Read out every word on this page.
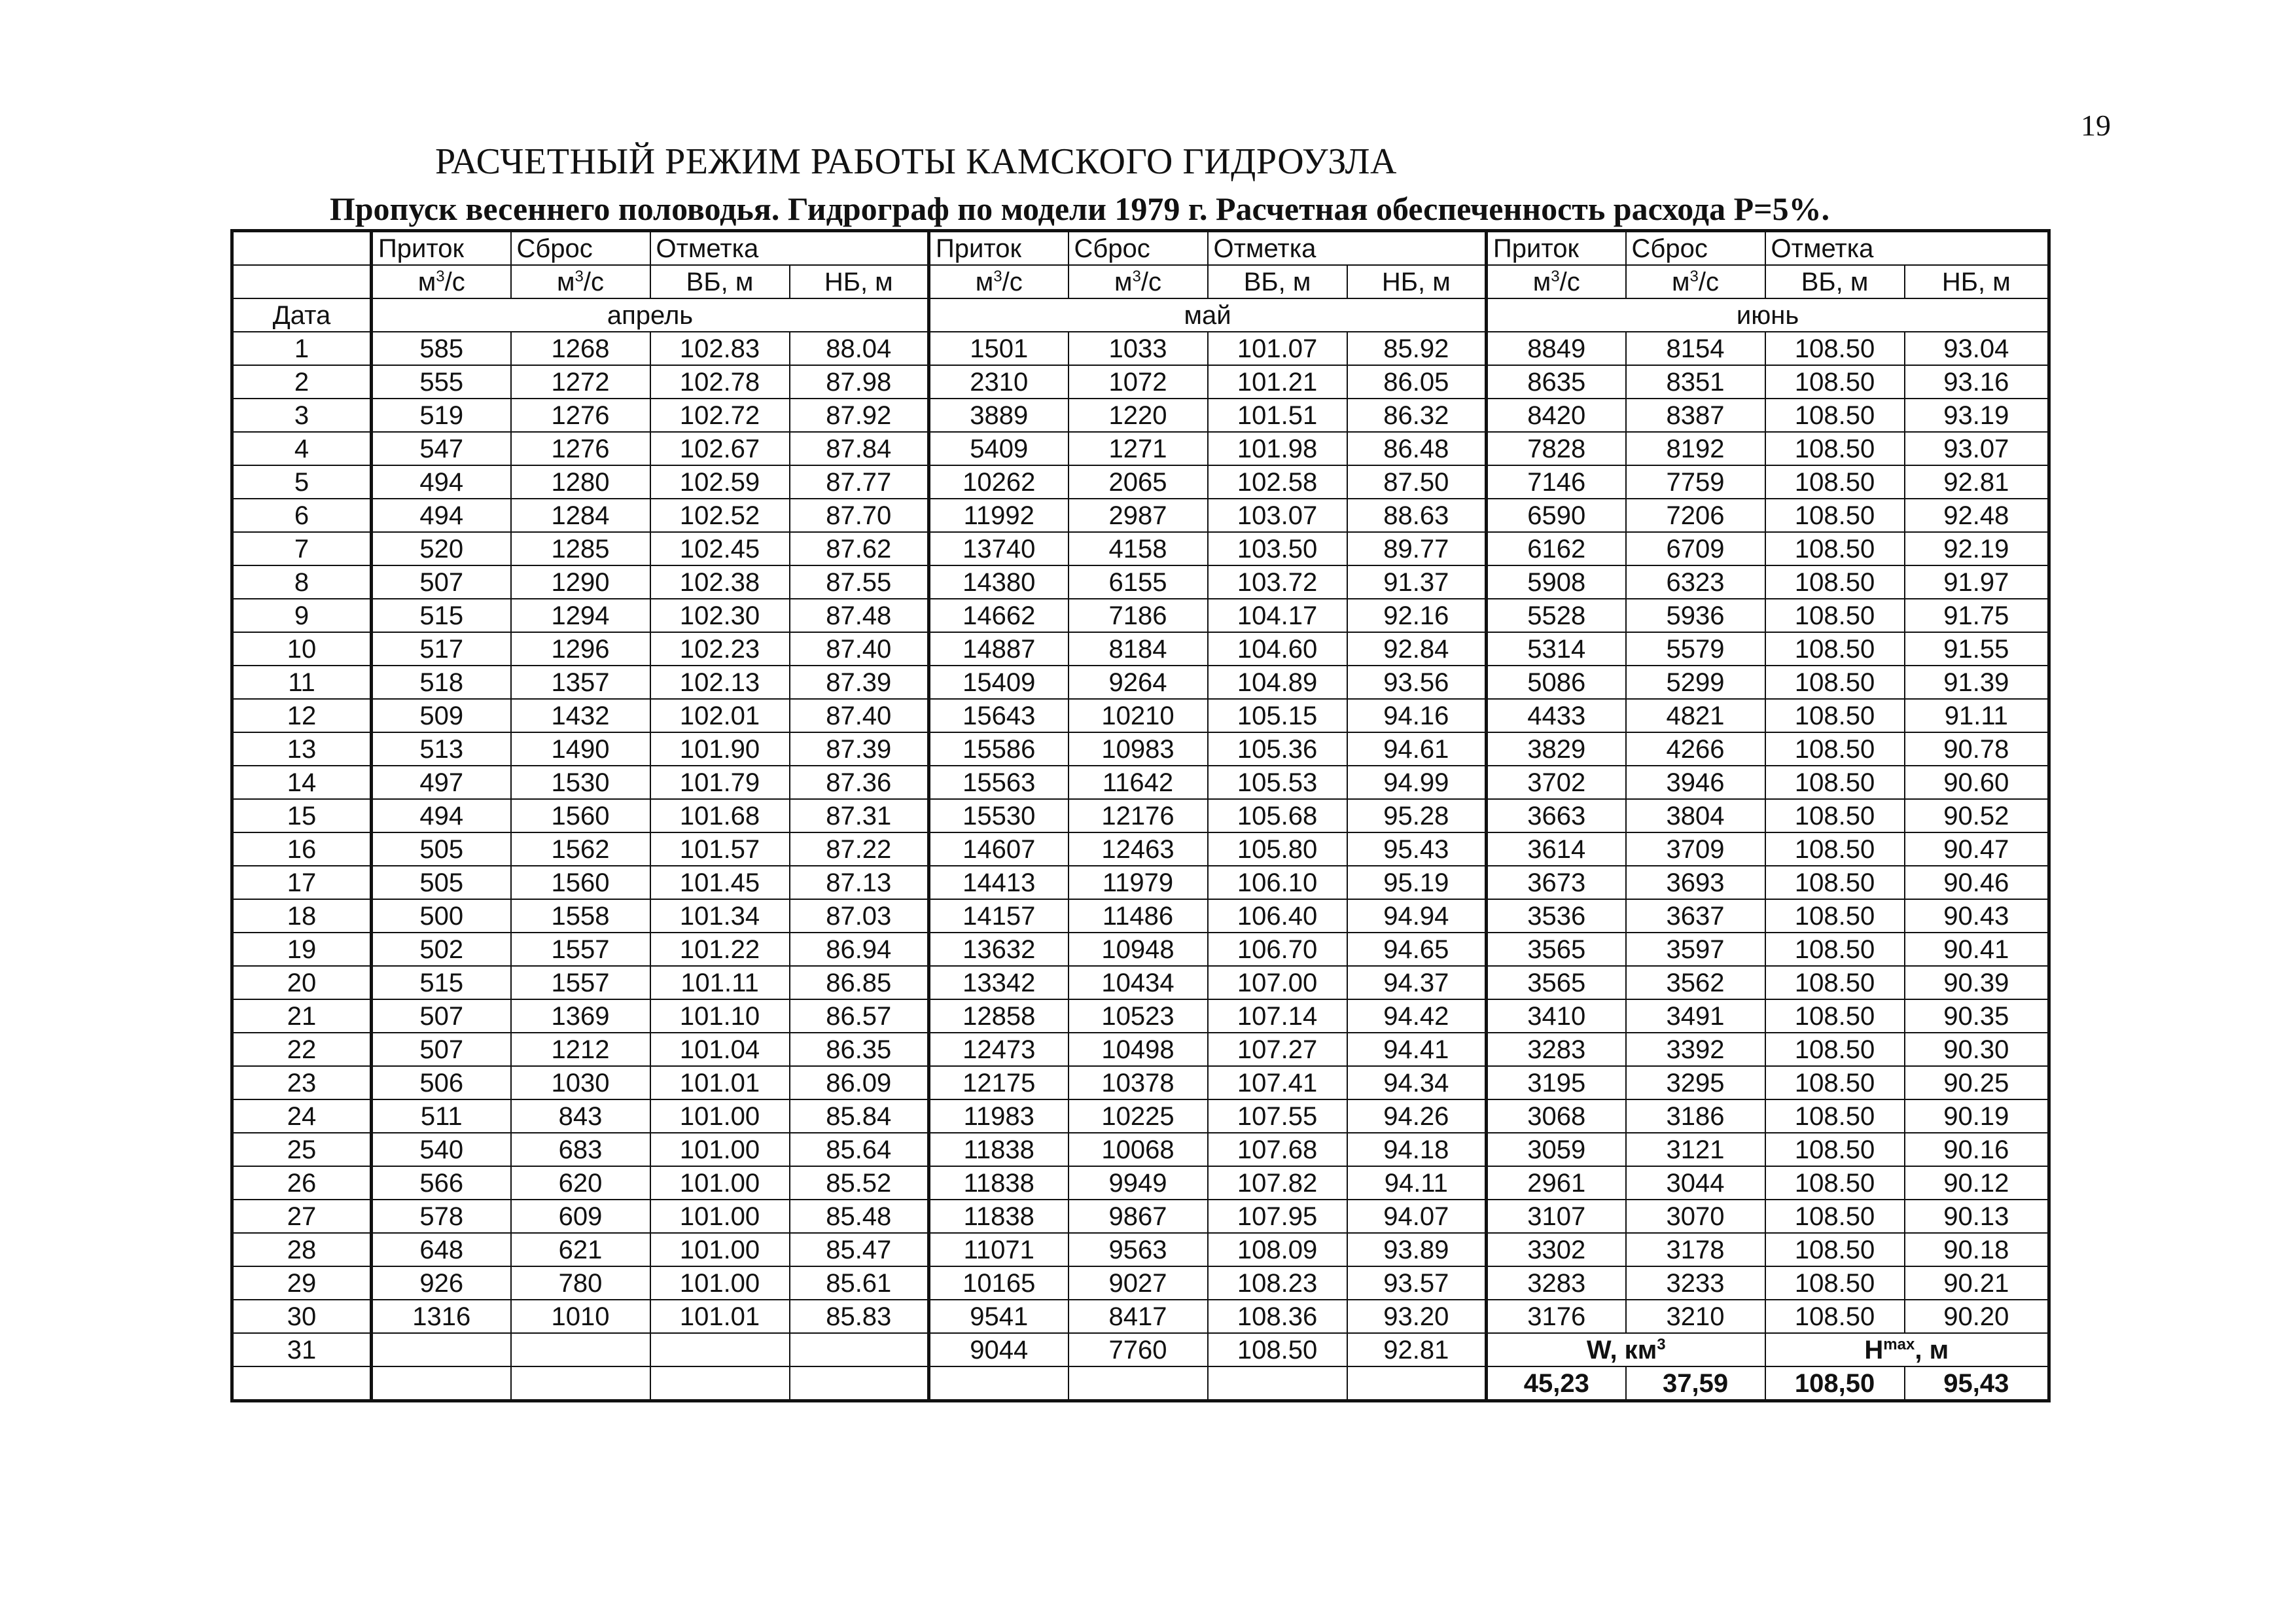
19
РАСЧЕТНЫЙ РЕЖИМ РАБОТЫ КАМСКОГО ГИДРОУЗЛА
Пропуск весеннего половодья. Гидрограф по модели 1979 г. Расчетная обеспеченность расхода Р=5%.
	Приток	Сброс	Отметка		Приток	Сброс	Отметка		Приток	Сброс	Отметка	
	$м^3/с$	$м^3/с$	ВБ, м	НБ, м	$м^3/с$	$м^3/с$	ВБ, м	НБ, м	$м^3/с$	$м^3/с$	ВБ, м	НБ, м
Дата	апрель				май				июнь			
1	585	1268	102.83	88.04	1501	1033	101.07	85.92	8849	8154	108.50	93.04
2	555	1272	102.78	87.98	2310	1072	101.21	86.05	8635	8351	108.50	93.16
3	519	1276	102.72	87.92	3889	1220	101.51	86.32	8420	8387	108.50	93.19
4	547	1276	102.67	87.84	5409	1271	101.98	86.48	7828	8192	108.50	93.07
5	494	1280	102.59	87.77	10262	2065	102.58	87.50	7146	7759	108.50	92.81
6	494	1284	102.52	87.70	11992	2987	103.07	88.63	6590	7206	108.50	92.48
7	520	1285	102.45	87.62	13740	4158	103.50	89.77	6162	6709	108.50	92.19
8	507	1290	102.38	87.55	14380	6155	103.72	91.37	5908	6323	108.50	91.97
9	515	1294	102.30	87.48	14662	7186	104.17	92.16	5528	5936	108.50	91.75
10	517	1296	102.23	87.40	14887	8184	104.60	92.84	5314	5579	108.50	91.55
11	518	1357	102.13	87.39	15409	9264	104.89	93.56	5086	5299	108.50	91.39
12	509	1432	102.01	87.40	15643	10210	105.15	94.16	4433	4821	108.50	91.11
13	513	1490	101.90	87.39	15586	10983	105.36	94.61	3829	4266	108.50	90.78
14	497	1530	101.79	87.36	15563	11642	105.53	94.99	3702	3946	108.50	90.60
15	494	1560	101.68	87.31	15530	12176	105.68	95.28	3663	3804	108.50	90.52
16	505	1562	101.57	87.22	14607	12463	105.80	95.43	3614	3709	108.50	90.47
17	505	1560	101.45	87.13	14413	11979	106.10	95.19	3673	3693	108.50	90.46
18	500	1558	101.34	87.03	14157	11486	106.40	94.94	3536	3637	108.50	90.43
19	502	1557	101.22	86.94	13632	10948	106.70	94.65	3565	3597	108.50	90.41
20	515	1557	101.11	86.85	13342	10434	107.00	94.37	3565	3562	108.50	90.39
21	507	1369	101.10	86.57	12858	10523	107.14	94.42	3410	3491	108.50	90.35
22	507	1212	101.04	86.35	12473	10498	107.27	94.41	3283	3392	108.50	90.30
23	506	1030	101.01	86.09	12175	10378	107.41	94.34	3195	3295	108.50	90.25
24	511	843	101.00	85.84	11983	10225	107.55	94.26	3068	3186	108.50	90.19
25	540	683	101.00	85.64	11838	10068	107.68	94.18	3059	3121	108.50	90.16
26	566	620	101.00	85.52	11838	9949	107.82	94.11	2961	3044	108.50	90.12
27	578	609	101.00	85.48	11838	9867	107.95	94.07	3107	3070	108.50	90.13
28	648	621	101.00	85.47	11071	9563	108.09	93.89	3302	3178	108.50	90.18
29	926	780	101.00	85.61	10165	9027	108.23	93.57	3283	3233	108.50	90.21
30	1316	1010	101.01	85.83	9541	8417	108.36	93.20	3176	3210	108.50	90.20
31					9044	7760	108.50	92.81	W, $км^3$		$H^{max}$, м	
									45,23	37,59	108,50	95,43
